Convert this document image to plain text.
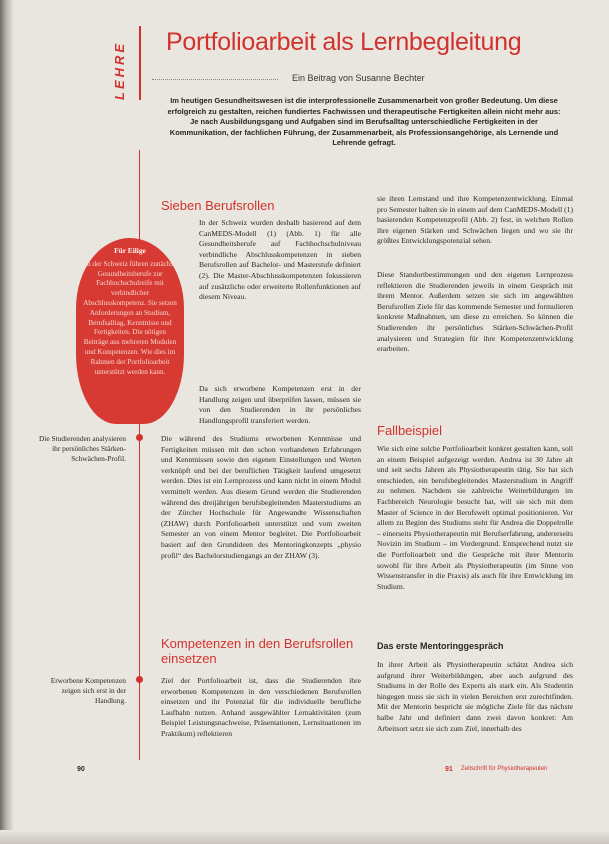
LEHRE Portfolioarbeit als Lernbegleitung
Ein Beitrag von Susanne Bechter

Im heutigen Gesundheitswesen ist die interprofessionelle Zusammenarbeit von großer Bedeutung. Um diese erfolgreich zu gestalten, reichen fundiertes Fachwissen und therapeutische Fertigkeiten allein nicht mehr aus: Je nach Ausbildungsgang und Aufgaben sind im Berufsalltag unterschiedliche Fertigkeiten in der Kommunikation, der fachlichen Führung, der Zusammenarbeit, als Professionsangehörige, als Lernende und Lehrende gefragt.

Sieben Berufsrollen

In der Schweiz wurden deshalb basierend auf dem CanMEDS-Modell (1) (Abb. 1) für alle Gesundheitsberufe auf Fachhochschulniveau verbindliche Abschlusskompetenzen in sieben Berufsrollen auf Bachelor- und Masterstufe definiert (2). Die Master-Abschlusskompetenzen fokussieren auf zusätzliche oder erweiterte Rollenfunktionen auf diesem Niveau.

Da sich erworbene Kompetenzen erst in der Handlung zeigen und überprüfen lassen, müssen sie von den Studierenden in ihr persönliches Handlungsprofil transferiert werden.

Die während des Studiums erworbenen Kenntnisse und Fertigkeiten müssen mit den schon vorhandenen Erfahrungen und Kenntnissen sowie den eigenen Einstellungen und Werten verknüpft und bei der beruflichen Tätigkeit laufend umgesetzt werden. Dies ist ein Lernprozess und kann nicht in einem Modul vermittelt werden. Aus diesem Grund werden die Studierenden während des dreijährigen berufsbegleitenden Masterstudiums an der Zürcher Hochschule für Angewandte Wissenschaften (ZHAW) durch Portfolioarbeit unterstützt und vom zweiten Semester an von einem Mentor begleitet. Die Portfolioarbeit basiert auf den Grundideen des Mentoringkonzepts „physio profil“ des Bachelorstudiengangs an der ZHAW (3).

Kompetenzen in den Berufsrollen einsetzen

Ziel der Portfolioarbeit ist, dass die Studierenden ihre erworbenen Kompetenzen in den verschiedenen Berufsrollen einsetzen und ihr Potenzial für die individuelle berufliche Laufbahn nutzen. Anhand ausgewählter Lernaktivitäten (zum Beispiel Leistungsnachweise, Präsentationen, Lernsituationen im Praktikum) reflektieren

sie ihren Lernstand und ihre Kompetenzentwicklung. Einmal pro Semester halten sie in einem auf dem CanMEDS-Modell (1) basierenden Kompetenzprofil (Abb. 2) fest, in welchen Rollen ihre eigenen Stärken und Schwächen liegen und wo sie ihr größtes Entwicklungspotenzial sehen.

Diese Standortbestimmungen und den eigenen Lernprozess reflektieren die Studierenden jeweils in einem Gespräch mit ihrem Mentor. Außerdem setzen sie sich im angewählten Berufsrollen Ziele für das kommende Semester und formulieren konkrete Maßnahmen, um diese zu erreichen. So können die Studierenden ihr persönliches Stärken-Schwächen-Profil analysieren und Strategien für ihre Kompetenzentwicklung erarbeiten.

Fallbeispiel

Wie sich eine solche Portfolioarbeit konkret gestalten kann, soll an einem Beispiel aufgezeigt werden. Andrea ist 30 Jahre alt und seit sechs Jahren als Physiotherapeutin tätig. Sie hat sich entschieden, ein berufsbegleitendes Masterstudium in Angriff zu nehmen. Nachdem sie zahlreiche Weiterbildungen im Fachbereich Neurologie besucht hat, will sie sich mit dem Master of Science in der Berufswelt optimal positionieren. Vor allem zu Beginn des Studiums steht für Andrea die Doppelrolle – einerseits Physiotherapeutin mit Berufserfahrung, andererseits Novizin im Studium – im Vordergrund. Entsprechend nutzt sie die Portfolioarbeit und die Gespräche mit ihrer Mentorin sowohl für ihre Arbeit als Physiotherapeutin (im Sinne von Wissenstransfer in die Praxis) als auch für ihre Entwicklung im Studium.

Das erste Mentoringgespräch

In ihrer Arbeit als Physiotherapeutin schätzt Andrea sich aufgrund ihrer Weiterbildungen, aber auch aufgrund des Studiums in der Rolle des Experts als stark ein. Als Studentin hingegen muss sie sich in vielen Bereichen erst zurechtfinden. Mit der Mentorin bespricht sie mögliche Ziele für das nächste halbe Jahr und definiert dann zwei davon konkret: Am Arbeitsort setzt sie sich zum Ziel, innerhalb des

Für Eilige
In der Schweiz führen zunächst Gesundheitsberufe zur Fachhochschulreife mit verbindlicher Abschlusskompetenz. Sie setzen Anforderungen an Studium, Berufsalltag, Kenntnisse und Fertigkeiten. Die nötigen Beiträge aus mehreren Modulen und Kompetenzen. Wie dies im Rahmen der Portfolioarbeit unterstützt werden kann.
Die Studierenden analysieren ihr persönliches Stärken-Schwächen-Profil.
Erworbene Kompetenzen zeigen sich erst in der Handlung.
90	91 Zeitschrift für Physiotherapeuten
